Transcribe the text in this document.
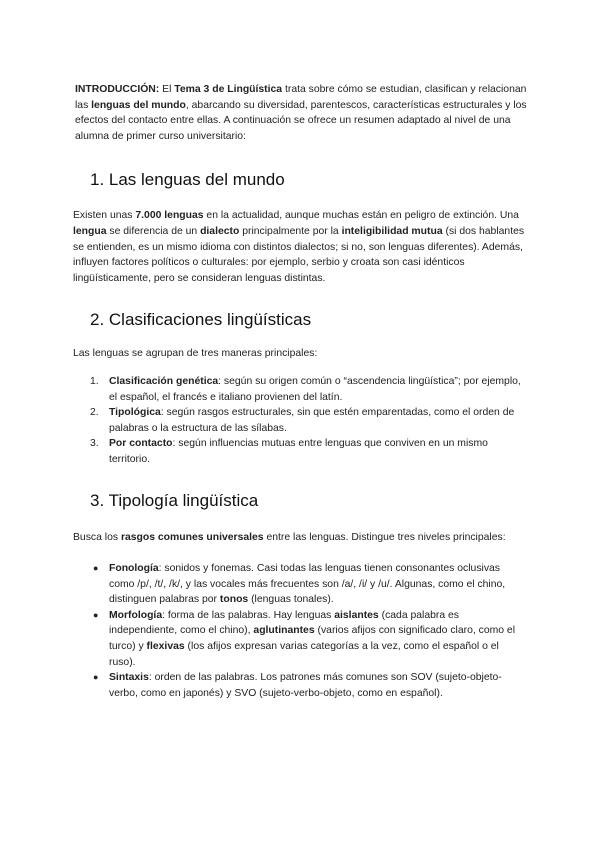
INTRODUCCIÓN: El Tema 3 de Lingüística trata sobre cómo se estudian, clasifican y relacionan las lenguas del mundo, abarcando su diversidad, parentescos, características estructurales y los efectos del contacto entre ellas. A continuación se ofrece un resumen adaptado al nivel de una alumna de primer curso universitario:

1. Las lenguas del mundo

Existen unas 7.000 lenguas en la actualidad, aunque muchas están en peligro de extinción. Una lengua se diferencia de un dialecto principalmente por la inteligibilidad mutua (si dos hablantes se entienden, es un mismo idioma con distintos dialectos; si no, son lenguas diferentes). Además, influyen factores políticos o culturales: por ejemplo, serbio y croata son casi idénticos lingüísticamente, pero se consideran lenguas distintas.

2. Clasificaciones lingüísticas

Las lenguas se agrupan de tres maneras principales:

1. Clasificación genética: según su origen común o “ascendencia lingüística”; por ejemplo, el español, el francés e italiano provienen del latín.
2. Tipológica: según rasgos estructurales, sin que estén emparentadas, como el orden de palabras o la estructura de las sílabas.
3. Por contacto: según influencias mutuas entre lenguas que conviven en un mismo territorio.
3. Tipología lingüística

Busca los rasgos comunes universales entre las lenguas. Distingue tres niveles principales:

● Fonología: sonidos y fonemas. Casi todas las lenguas tienen consonantes oclusivas como /p/, /t/, /k/, y las vocales más frecuentes son /a/, /i/ y /u/. Algunas, como el chino, distinguen palabras por tonos (lenguas tonales).
● Morfología: forma de las palabras. Hay lenguas aislantes (cada palabra es independiente, como el chino), aglutinantes (varios afijos con significado claro, como el turco) y flexivas (los afijos expresan varias categorías a la vez, como el español o el ruso).
● Sintaxis: orden de las palabras. Los patrones más comunes son SOV (sujeto-objeto-verbo, como en japonés) y SVO (sujeto-verbo-objeto, como en español).
